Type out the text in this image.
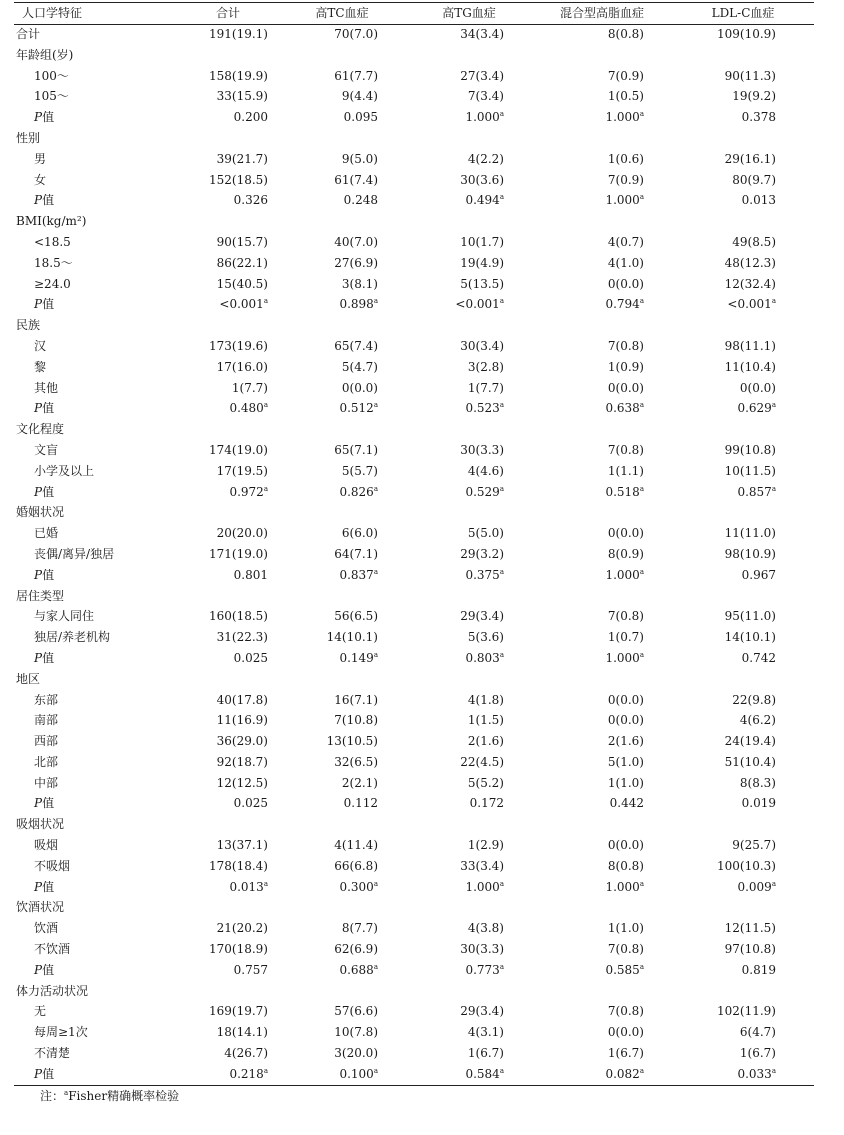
人口学特征	合计	高TC血症	高TG血症	混合型高脂血症	LDL-C血症
合计	191(19.1)	70(7.0)	34(3.4)	8(0.8)	109(10.9)
年龄组(岁)					
100～	158(19.9)	61(7.7)	27(3.4)	7(0.9)	90(11.3)
105～	33(15.9)	9(4.4)	7(3.4)	1(0.5)	19(9.2)
P值	0.200	0.095	1.000$^a$	1.000$^a$	0.378
性别					
男	39(21.7)	9(5.0)	4(2.2)	1(0.6)	29(16.1)
女	152(18.5)	61(7.4)	30(3.6)	7(0.9)	80(9.7)
P值	0.326	0.248	0.494$^a$	1.000$^a$	0.013
BMI(kg/m²)					
<18.5	90(15.7)	40(7.0)	10(1.7)	4(0.7)	49(8.5)
18.5～	86(22.1)	27(6.9)	19(4.9)	4(1.0)	48(12.3)
≥24.0	15(40.5)	3(8.1)	5(13.5)	0(0.0)	12(32.4)
P值	<0.001$^a$	0.898$^a$	<0.001$^a$	0.794$^a$	<0.001$^a$
民族					
汉	173(19.6)	65(7.4)	30(3.4)	7(0.8)	98(11.1)
黎	17(16.0)	5(4.7)	3(2.8)	1(0.9)	11(10.4)
其他	1(7.7)	0(0.0)	1(7.7)	0(0.0)	0(0.0)
P值	0.480$^a$	0.512$^a$	0.523$^a$	0.638$^a$	0.629$^a$
文化程度					
文盲	174(19.0)	65(7.1)	30(3.3)	7(0.8)	99(10.8)
小学及以上	17(19.5)	5(5.7)	4(4.6)	1(1.1)	10(11.5)
P值	0.972$^a$	0.826$^a$	0.529$^a$	0.518$^a$	0.857$^a$
婚姻状况					
已婚	20(20.0)	6(6.0)	5(5.0)	0(0.0)	11(11.0)
丧偶/离异/独居	171(19.0)	64(7.1)	29(3.2)	8(0.9)	98(10.9)
P值	0.801	0.837$^a$	0.375$^a$	1.000$^a$	0.967
居住类型					
与家人同住	160(18.5)	56(6.5)	29(3.4)	7(0.8)	95(11.0)
独居/养老机构	31(22.3)	14(10.1)	5(3.6)	1(0.7)	14(10.1)
P值	0.025	0.149$^a$	0.803$^a$	1.000$^a$	0.742
地区					
东部	40(17.8)	16(7.1)	4(1.8)	0(0.0)	22(9.8)
南部	11(16.9)	7(10.8)	1(1.5)	0(0.0)	4(6.2)
西部	36(29.0)	13(10.5)	2(1.6)	2(1.6)	24(19.4)
北部	92(18.7)	32(6.5)	22(4.5)	5(1.0)	51(10.4)
中部	12(12.5)	2(2.1)	5(5.2)	1(1.0)	8(8.3)
P值	0.025	0.112	0.172	0.442	0.019
吸烟状况					
吸烟	13(37.1)	4(11.4)	1(2.9)	0(0.0)	9(25.7)
不吸烟	178(18.4)	66(6.8)	33(3.4)	8(0.8)	100(10.3)
P值	0.013$^a$	0.300$^a$	1.000$^a$	1.000$^a$	0.009$^a$
饮酒状况					
饮酒	21(20.2)	8(7.7)	4(3.8)	1(1.0)	12(11.5)
不饮酒	170(18.9)	62(6.9)	30(3.3)	7(0.8)	97(10.8)
P值	0.757	0.688$^a$	0.773$^a$	0.585$^a$	0.819
体力活动状况					
无	169(19.7)	57(6.6)	29(3.4)	7(0.8)	102(11.9)
每周≥1次	18(14.1)	10(7.8)	4(3.1)	0(0.0)	6(4.7)
不清楚	4(26.7)	3(20.0)	1(6.7)	1(6.7)	1(6.7)
P值	0.218$^a$	0.100$^a$	0.584$^a$	0.082$^a$	0.033$^a$
注：$^a$Fisher精确概率检验
